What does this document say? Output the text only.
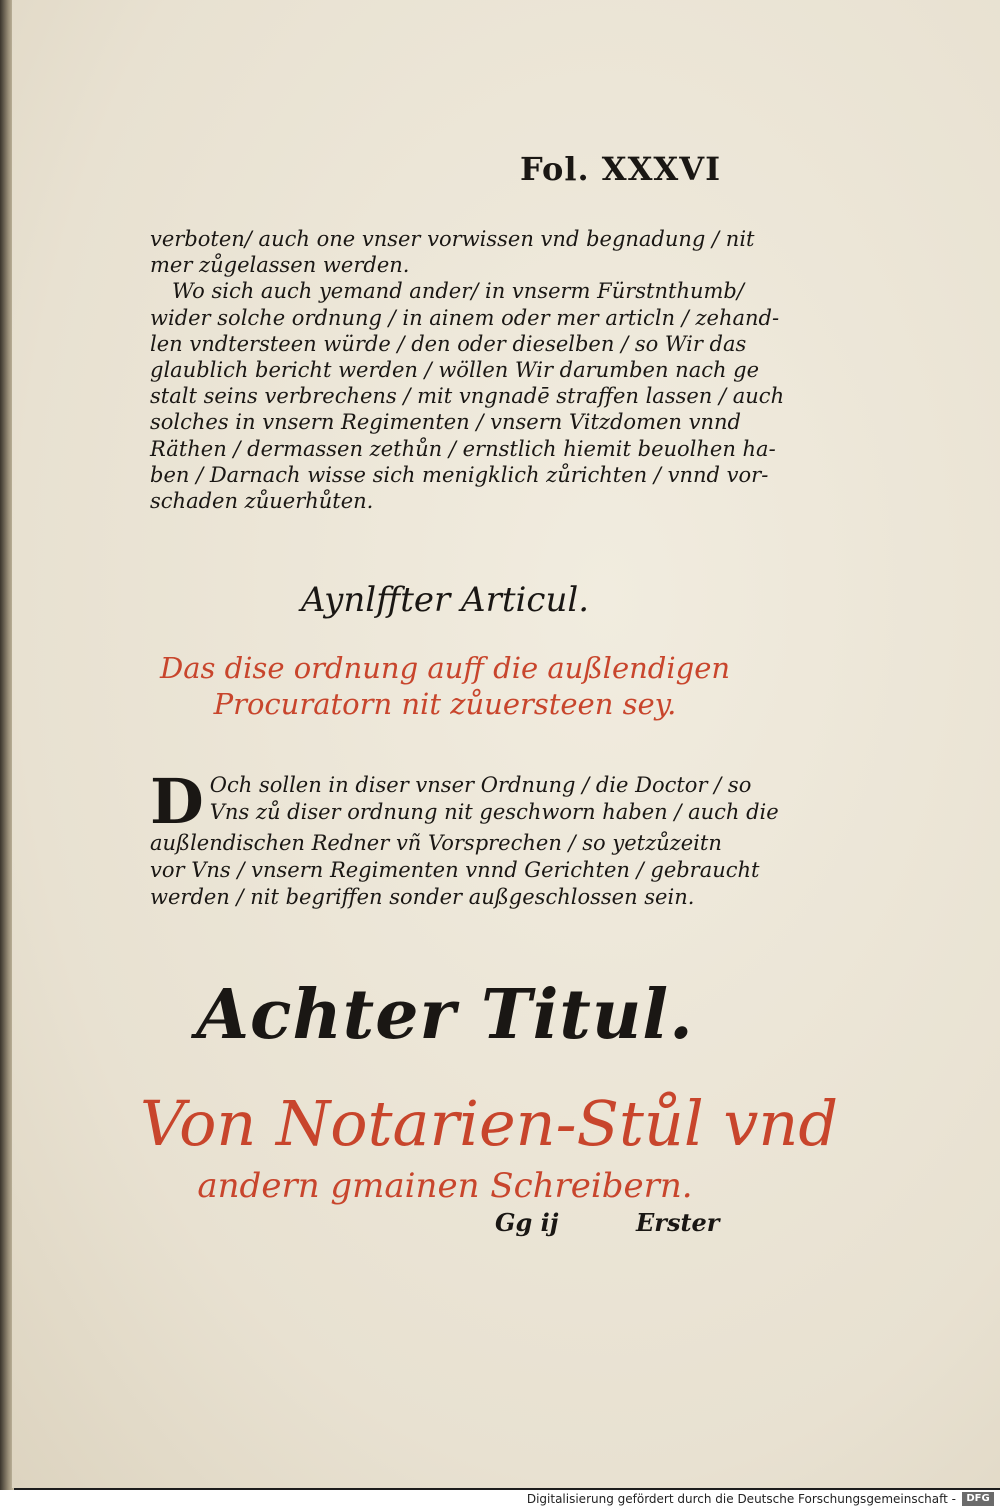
Fol. XXXVI
verboten/ auch one vnser vorwissen vnd begnadung / nit
mer zůgelassen werden.
Wo sich auch yemand ander/ in vnserm Fürstnthumb/
wider solche ordnung / in ainem oder mer articln / zehand-
len vndtersteen würde / den oder dieselben / so Wir das
glaublich bericht werden / wöllen Wir darumben nach ge
stalt seins verbrechens / mit vngnadē straffen lassen / auch
solches in vnsern Regimenten / vnsern Vitzdomen vnnd
Räthen / dermassen zethůn / ernstlich hiemit beuolhen ha-
ben / Darnach wisse sich menigklich zůrichten / vnnd vor-
schaden zůuerhůten.
Aynlffter Articul.
Das dise ordnung auff die außlendigen
Procuratorn nit zůuersteen sey.
D Och sollen in diser vnser Ordnung / die Doctor / so
Vns zů diser ordnung nit geschworn haben / auch die
außlendischen Redner vñ Vorsprechen / so yetzůzeitn
vor Vns / vnsern Regimenten vnnd Gerichten / gebraucht
werden / nit begriffen sonder außgeschlossen sein.
Achter Titul.
Von Notarien-Stůl vnd
andern gmainen Schreibern.
Gg ij	Erster
Digitalisierung gefördert durch die Deutsche Forschungsgemeinschaft -	DFG
